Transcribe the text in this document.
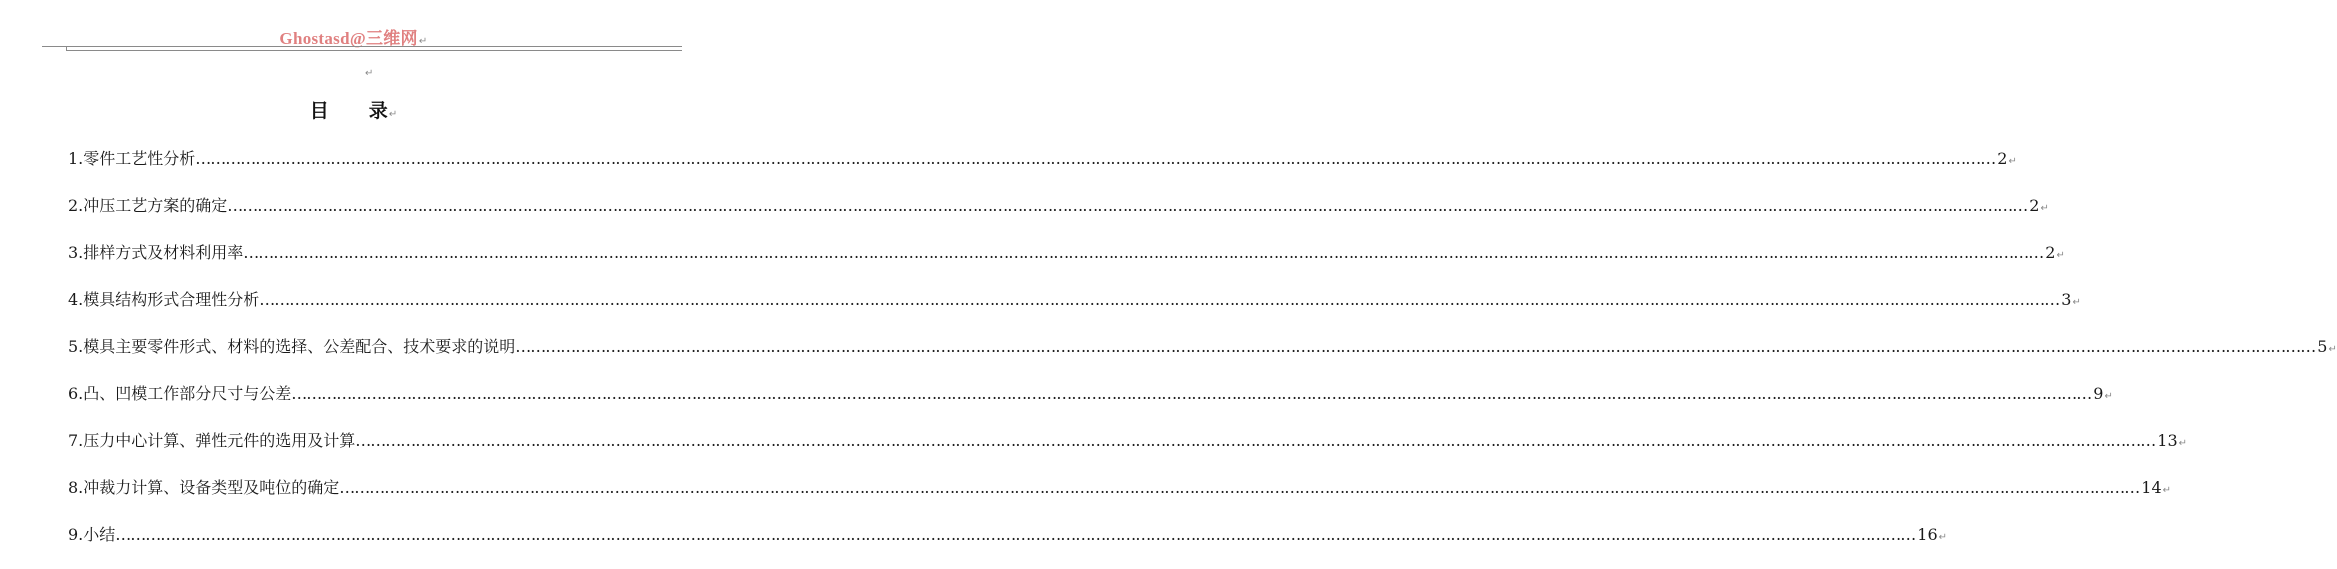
Ghostasd@三维网↵
↵
目 录↵
1.零件工艺性分析 ……………………………………………………………………………………………………………………………………………………………………………………………………………………………………………………………………………………………………………………………… 2 ↵
2.冲压工艺方案的确定 ……………………………………………………………………………………………………………………………………………………………………………………………………………………………………………………………………………………………………………………………… 2 ↵
3.排样方式及材料利用率 ……………………………………………………………………………………………………………………………………………………………………………………………………………………………………………………………………………………………………………………………… 2 ↵
4.模具结构形式合理性分析 ……………………………………………………………………………………………………………………………………………………………………………………………………………………………………………………………………………………………………………………………… 3 ↵
5.模具主要零件形式、材料的选择、公差配合、技术要求的说明 ……………………………………………………………………………………………………………………………………………………………………………………………………………………………………………………………………………………………………………………………… 5 ↵
6.凸、凹模工作部分尺寸与公差 ……………………………………………………………………………………………………………………………………………………………………………………………………………………………………………………………………………………………………………………………… 9 ↵
7.压力中心计算、弹性元件的选用及计算 ……………………………………………………………………………………………………………………………………………………………………………………………………………………………………………………………………………………………………………………………… 13 ↵
8.冲裁力计算、设备类型及吨位的确定 ……………………………………………………………………………………………………………………………………………………………………………………………………………………………………………………………………………………………………………………………… 14 ↵
9.小结 ……………………………………………………………………………………………………………………………………………………………………………………………………………………………………………………………………………………………………………………………… 16 ↵
